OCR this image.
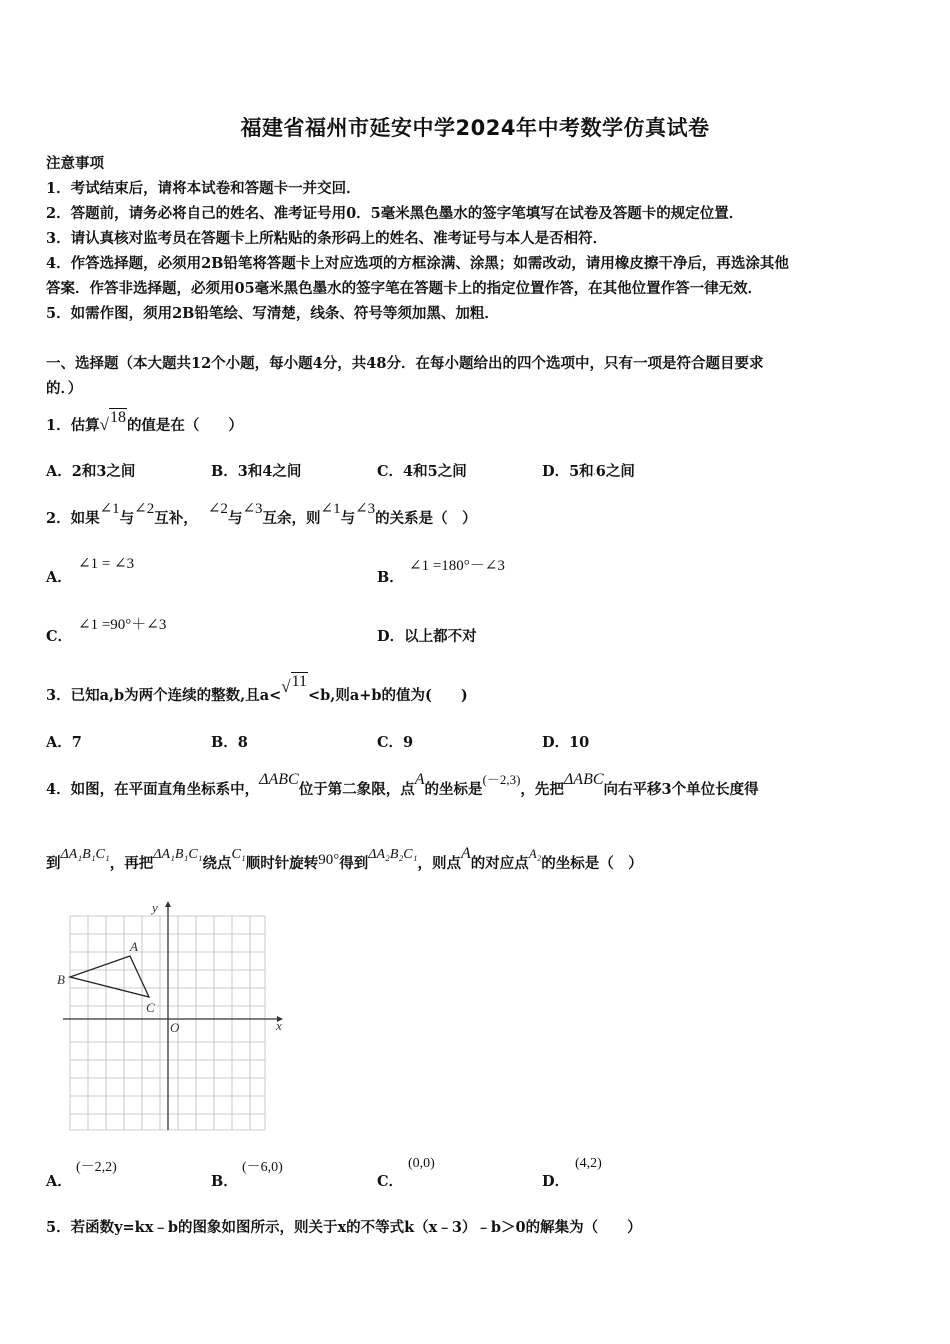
福建省福州市延安中学2024年中考数学仿真试卷
注意事项
1．考试结束后，请将本试卷和答题卡一并交回．
2．答题前，请务必将自己的姓名、准考证号用0．5毫米黑色墨水的签字笔填写在试卷及答题卡的规定位置．
3．请认真核对监考员在答题卡上所粘贴的条形码上的姓名、准考证号与本人是否相符．
4．作答选择题，必须用2B铅笔将答题卡上对应选项的方框涂满、涂黑；如需改动，请用橡皮擦干净后，再选涂其他
答案．作答非选择题，必须用05毫米黑色墨水的签字笔在答题卡上的指定位置作答，在其他位置作答一律无效．
5．如需作图，须用2B铅笔绘、写清楚，线条、符号等须加黑、加粗．
一、选择题（本大题共12个小题，每小题4分，共48分．在每小题给出的四个选项中，只有一项是符合题目要求
的．）
1．估算√18的值是在（　　）
A．2和3之间	B．3和4之间	C．4和5之间	D．5和·6之间
2．如果∠1与∠2互补，  ∠2与∠3互余，则∠1与∠3的关系是（　）
A．
∠1 = ∠3
B．
∠1 =180°－∠3
C．
∠1 =90°＋∠3
D．以上都不对
3．已知a,b为两个连续的整数,且a<√11<b,则a+b的值为(　　)
A．7	B．8	C．9	D．10
4．如图，在平面直角坐标系中，ΔABC位于第二象限，点A的坐标是(－2,3)，先把ΔABC向右平移3个单位长度得
到ΔA₁B₁C₁，再把ΔA₁B₁C₁绕点C₁顺时针旋转90°得到ΔA₂B₂C₁，则点A的对应点A₂的坐标是（　）
x
y
O
A
B
C
A．
(－2,2)
B．
(－6,0)
C．
(0,0)
D．
(4,2)
5．若函数y=kx﹣b的图象如图所示，则关于x的不等式k（x﹣3）﹣b＞0的解集为（　　）
